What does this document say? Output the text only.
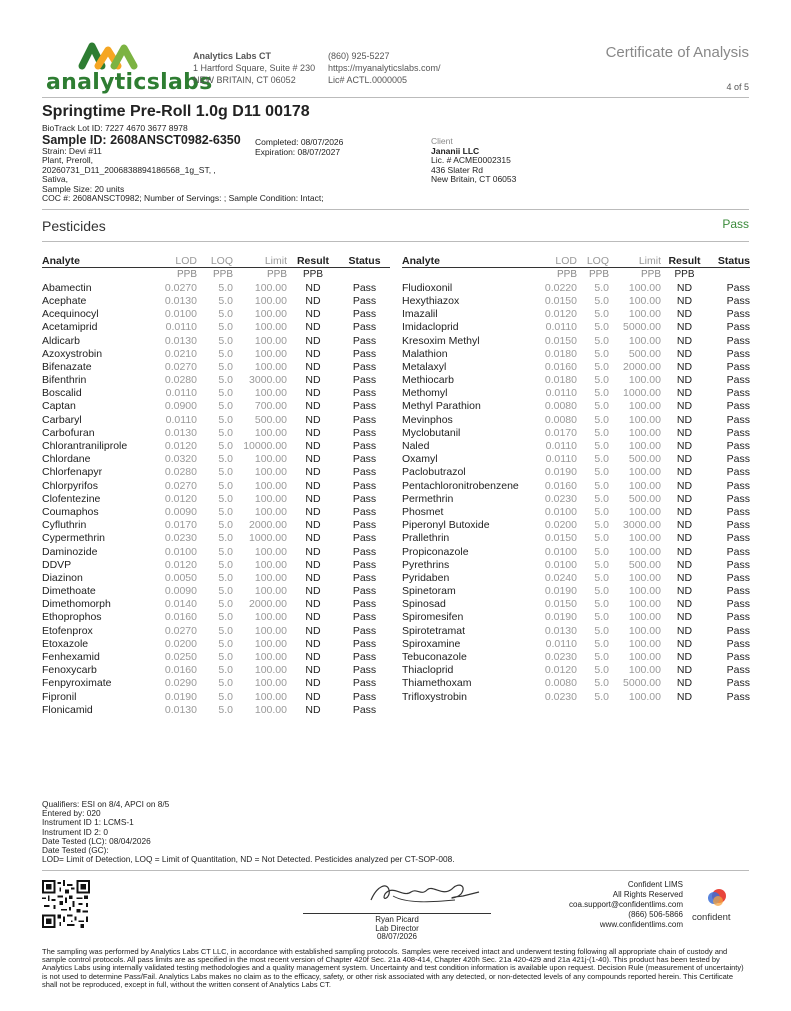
analyticslabs
Analytics Labs CT
1 Hartford Square, Suite # 230
NEW BRITAIN, CT 06052
(860) 925-5227
https://myanalyticslabs.com/
Lic# ACTL.0000005
Certificate of Analysis
4 of 5
Springtime Pre-Roll 1.0g D11 00178
BioTrack Lot ID: 7227 4670 3677 8978
Sample ID: 2608ANSCT0982-6350
Strain: Devi #11
Plant, Preroll,
20260731_D11_2006838894186568_1g_ST, ,
Sativa,
Sample Size: 20 units
COC #: 2608ANSCT0982; Number of Servings: ; Sample Condition: Intact;
Completed: 08/07/2026
Expiration: 08/07/2027
Client
Jananii LLC
Lic. # ACME0002315
436 Slater Rd
New Britain, CT 06053
Pesticides	Pass
Analyte	LOD	LOQ	Limit	Result	Status
	PPB	PPB	PPB	PPB	
Abamectin	0.0270	5.0	100.00	ND	Pass
Acephate	0.0130	5.0	100.00	ND	Pass
Acequinocyl	0.0100	5.0	100.00	ND	Pass
Acetamiprid	0.0110	5.0	100.00	ND	Pass
Aldicarb	0.0130	5.0	100.00	ND	Pass
Azoxystrobin	0.0210	5.0	100.00	ND	Pass
Bifenazate	0.0270	5.0	100.00	ND	Pass
Bifenthrin	0.0280	5.0	3000.00	ND	Pass
Boscalid	0.0110	5.0	100.00	ND	Pass
Captan	0.0900	5.0	700.00	ND	Pass
Carbaryl	0.0110	5.0	500.00	ND	Pass
Carbofuran	0.0130	5.0	100.00	ND	Pass
Chlorantraniliprole	0.0120	5.0	10000.00	ND	Pass
Chlordane	0.0320	5.0	100.00	ND	Pass
Chlorfenapyr	0.0280	5.0	100.00	ND	Pass
Chlorpyrifos	0.0270	5.0	100.00	ND	Pass
Clofentezine	0.0120	5.0	100.00	ND	Pass
Coumaphos	0.0090	5.0	100.00	ND	Pass
Cyfluthrin	0.0170	5.0	2000.00	ND	Pass
Cypermethrin	0.0230	5.0	1000.00	ND	Pass
Daminozide	0.0100	5.0	100.00	ND	Pass
DDVP	0.0120	5.0	100.00	ND	Pass
Diazinon	0.0050	5.0	100.00	ND	Pass
Dimethoate	0.0090	5.0	100.00	ND	Pass
Dimethomorph	0.0140	5.0	2000.00	ND	Pass
Ethoprophos	0.0160	5.0	100.00	ND	Pass
Etofenprox	0.0270	5.0	100.00	ND	Pass
Etoxazole	0.0200	5.0	100.00	ND	Pass
Fenhexamid	0.0250	5.0	100.00	ND	Pass
Fenoxycarb	0.0160	5.0	100.00	ND	Pass
Fenpyroximate	0.0290	5.0	100.00	ND	Pass
Fipronil	0.0190	5.0	100.00	ND	Pass
Flonicamid	0.0130	5.0	100.00	ND	Pass
Analyte	LOD	LOQ	Limit	Result	Status
	PPB	PPB	PPB	PPB	
Fludioxonil	0.0220	5.0	100.00	ND	Pass
Hexythiazox	0.0150	5.0	100.00	ND	Pass
Imazalil	0.0120	5.0	100.00	ND	Pass
Imidacloprid	0.0110	5.0	5000.00	ND	Pass
Kresoxim Methyl	0.0150	5.0	100.00	ND	Pass
Malathion	0.0180	5.0	500.00	ND	Pass
Metalaxyl	0.0160	5.0	2000.00	ND	Pass
Methiocarb	0.0180	5.0	100.00	ND	Pass
Methomyl	0.0110	5.0	1000.00	ND	Pass
Methyl Parathion	0.0080	5.0	100.00	ND	Pass
Mevinphos	0.0080	5.0	100.00	ND	Pass
Myclobutanil	0.0170	5.0	100.00	ND	Pass
Naled	0.0110	5.0	100.00	ND	Pass
Oxamyl	0.0110	5.0	500.00	ND	Pass
Paclobutrazol	0.0190	5.0	100.00	ND	Pass
Pentachloronitrobenzene	0.0160	5.0	100.00	ND	Pass
Permethrin	0.0230	5.0	500.00	ND	Pass
Phosmet	0.0100	5.0	100.00	ND	Pass
Piperonyl Butoxide	0.0200	5.0	3000.00	ND	Pass
Prallethrin	0.0150	5.0	100.00	ND	Pass
Propiconazole	0.0100	5.0	100.00	ND	Pass
Pyrethrins	0.0100	5.0	500.00	ND	Pass
Pyridaben	0.0240	5.0	100.00	ND	Pass
Spinetoram	0.0190	5.0	100.00	ND	Pass
Spinosad	0.0150	5.0	100.00	ND	Pass
Spiromesifen	0.0190	5.0	100.00	ND	Pass
Spirotetramat	0.0130	5.0	100.00	ND	Pass
Spiroxamine	0.0110	5.0	100.00	ND	Pass
Tebuconazole	0.0230	5.0	100.00	ND	Pass
Thiacloprid	0.0120	5.0	100.00	ND	Pass
Thiamethoxam	0.0080	5.0	5000.00	ND	Pass
Trifloxystrobin	0.0230	5.0	100.00	ND	Pass
Qualifiers: ESI on 8/4, APCI on 8/5
Entered by: 020
Instrument ID 1: LCMS-1
Instrument ID 2: 0
Date Tested (LC): 08/04/2026
Date Tested (GC):
LOD= Limit of Detection, LOQ = Limit of Quantitation, ND = Not Detected. Pesticides analyzed per CT-SOP-008.
Ryan Picard
Lab Director
08/07/2026
Confident LIMS
All Rights Reserved
coa.support@confidentlims.com
(866) 506-5866
www.confidentlims.com
confident
The sampling was performed by Analytics Labs CT LLC, in accordance with established sampling protocols. Samples were received intact and underwent testing following all appropriate chain of custody and sample control protocols. All pass limits are as specified in the most recent version of Chapter 420f Sec. 21a 408-414, Chapter 420h Sec. 21a 420-429 and 21a 421j-(1-40). This product has been tested by Analytics Labs using internally validated testing methodologies and a quality management system. Uncertainty and test condition information is available upon request. Decision Rule (measurement of uncertainty) is not used to determine Pass/Fail. Analytics Labs makes no claim as to the efficacy, safety, or other risk associated with any detected, or non-detected levels of any compounds reported herein. This Certificate shall not be reproduced, except in full, without the written consent of Analytics Labs CT.
